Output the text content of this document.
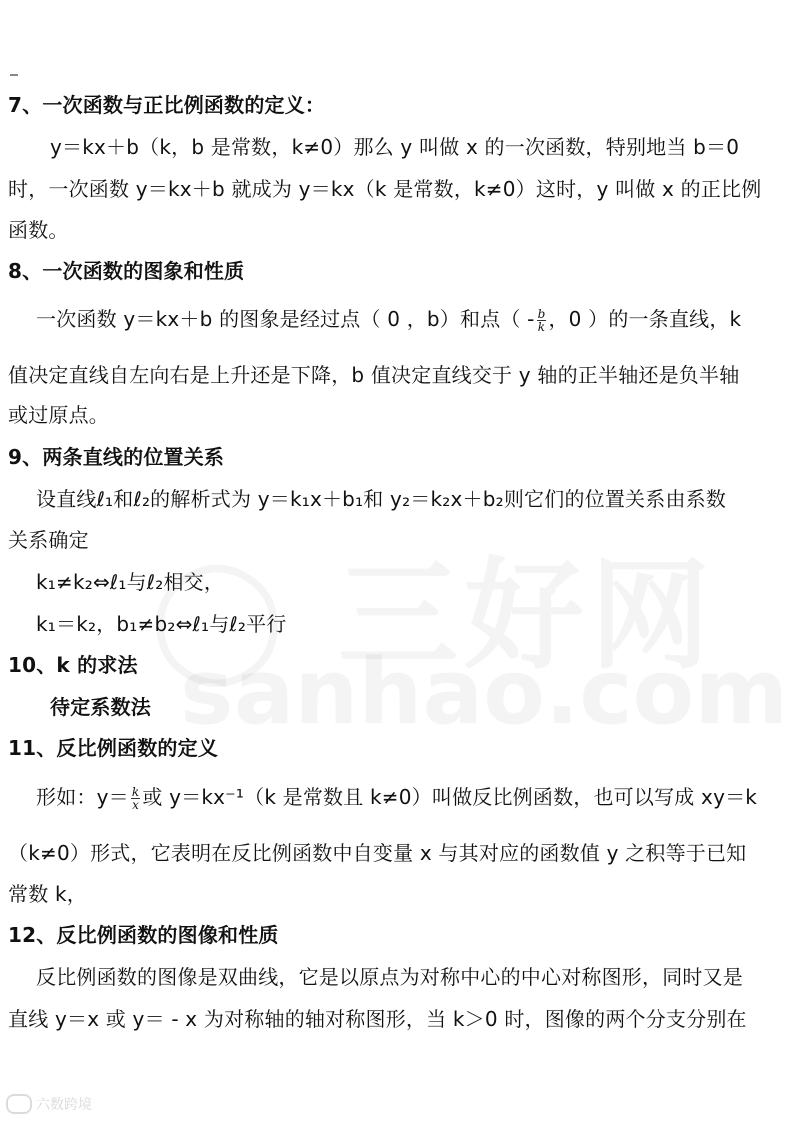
7、一次函数与正比例函数的定义：
y＝kx＋b（k，b 是常数，k≠0）那么 y 叫做 x 的一次函数，特别地当 b＝0
时，一次函数 y＝kx＋b 就成为 y＝kx（k 是常数，k≠0）这时，y 叫做 x 的正比例
函数。
8、一次函数的图象和性质
一次函数 y＝kx＋b 的图象是经过点（ 0 ，b）和点（ - $\frac{b}{k}$ ，0 ）的一条直线，k
值决定直线自左向右是上升还是下降，b 值决定直线交于 y 轴的正半轴还是负半轴
或过原点。
9、两条直线的位置关系
设直线ℓ₁和ℓ₂的解析式为 y＝k₁x＋b₁和 y₂＝k₂x＋b₂则它们的位置关系由系数
关系确定
k₁≠k₂⇔ℓ₁与ℓ₂相交，
k₁＝k₂，b₁≠b₂⇔ℓ₁与ℓ₂平行
10、k 的求法
待定系数法
11、反比例函数的定义
形如：$y= \frac{k}{x}$ 或 y＝kx⁻¹（k 是常数且 k≠0）叫做反比例函数，也可以写成 xy＝k
（k≠0）形式，它表明在反比例函数中自变量 x 与其对应的函数值 y 之积等于已知
常数 k，
12、反比例函数的图像和性质
反比例函数的图像是双曲线，它是以原点为对称中心的中心对称图形，同时又是
直线 y＝x 或 y＝ - x 为对称轴的轴对称图形，当 k＞0 时，图像的两个分支分别在
六数跨境
